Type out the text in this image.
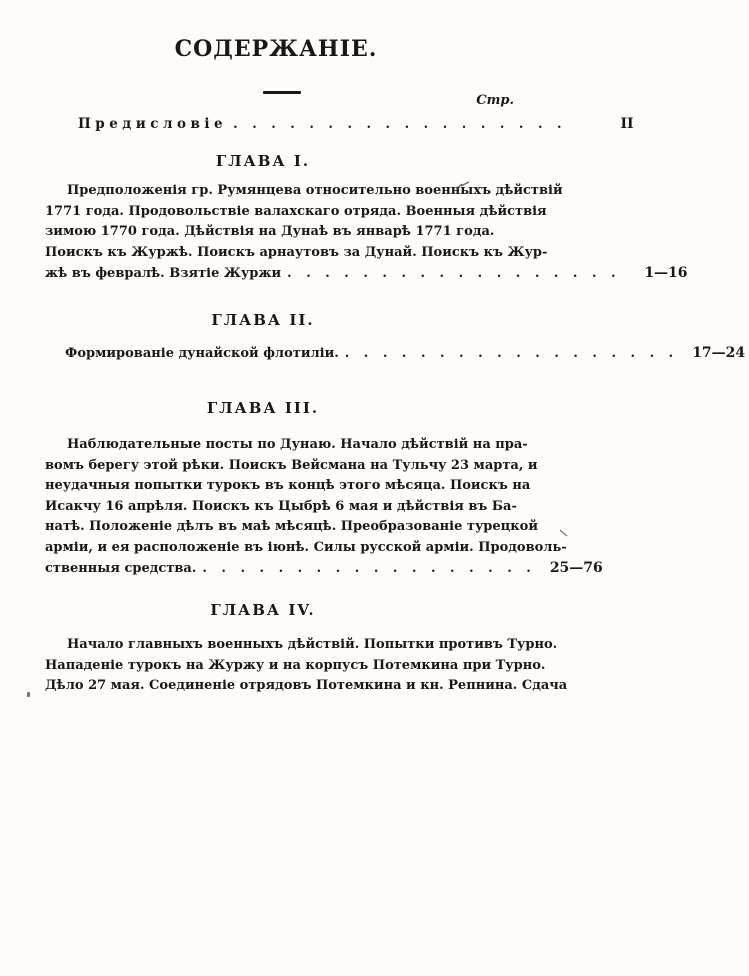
СОДЕРЖАНІЕ.
Стр.
Предисловіе . . . . . . . . . . . . . . . . . .	II
ГЛАВА I.
Предположенія гр. Румянцева относительно военныхъ дѣйствій
1771 года. Продовольствіе валахскаго отряда. Военныя дѣйствія
зимою 1770 года. Дѣйствія на Дунаѣ въ январѣ 1771 года.
Поискъ къ Журжѣ. Поискъ арнаутовъ за Дунай. Поискъ къ Жур-
жѣ въ февралѣ. Взятіе Журжи . . . . . . . . . . . . . . . . . .	1—16
ГЛАВА II.
Формированіе дунайской флотиліи. . . . . . . . . . . . . . . . . . .	17—24
ГЛАВА III.
Наблюдательные посты по Дунаю. Начало дѣйствій на пра-
вомъ берегу этой рѣки. Поискъ Вейсмана на Тульчу 23 марта, и
неудачныя попытки турокъ въ концѣ этого мѣсяца. Поискъ на
Исакчу 16 апрѣля. Поискъ къ Цыбрѣ 6 мая и дѣйствія въ Ба-
натѣ. Положеніе дѣлъ въ маѣ мѣсяцѣ. Преобразованіе турецкой
арміи, и ея расположеніе въ іюнѣ. Силы русской арміи. Продоволь-
ственныя средства. . . . . . . . . . . . . . . . . . .	25—76
ГЛАВА IV.
Начало главныхъ военныхъ дѣйствій. Попытки противъ Турно.
Нападеніе турокъ на Журжу и на корпусъ Потемкина при Турно.
Дѣло 27 мая. Соединеніе отрядовъ Потемкина и кн. Репнина. Сдача
